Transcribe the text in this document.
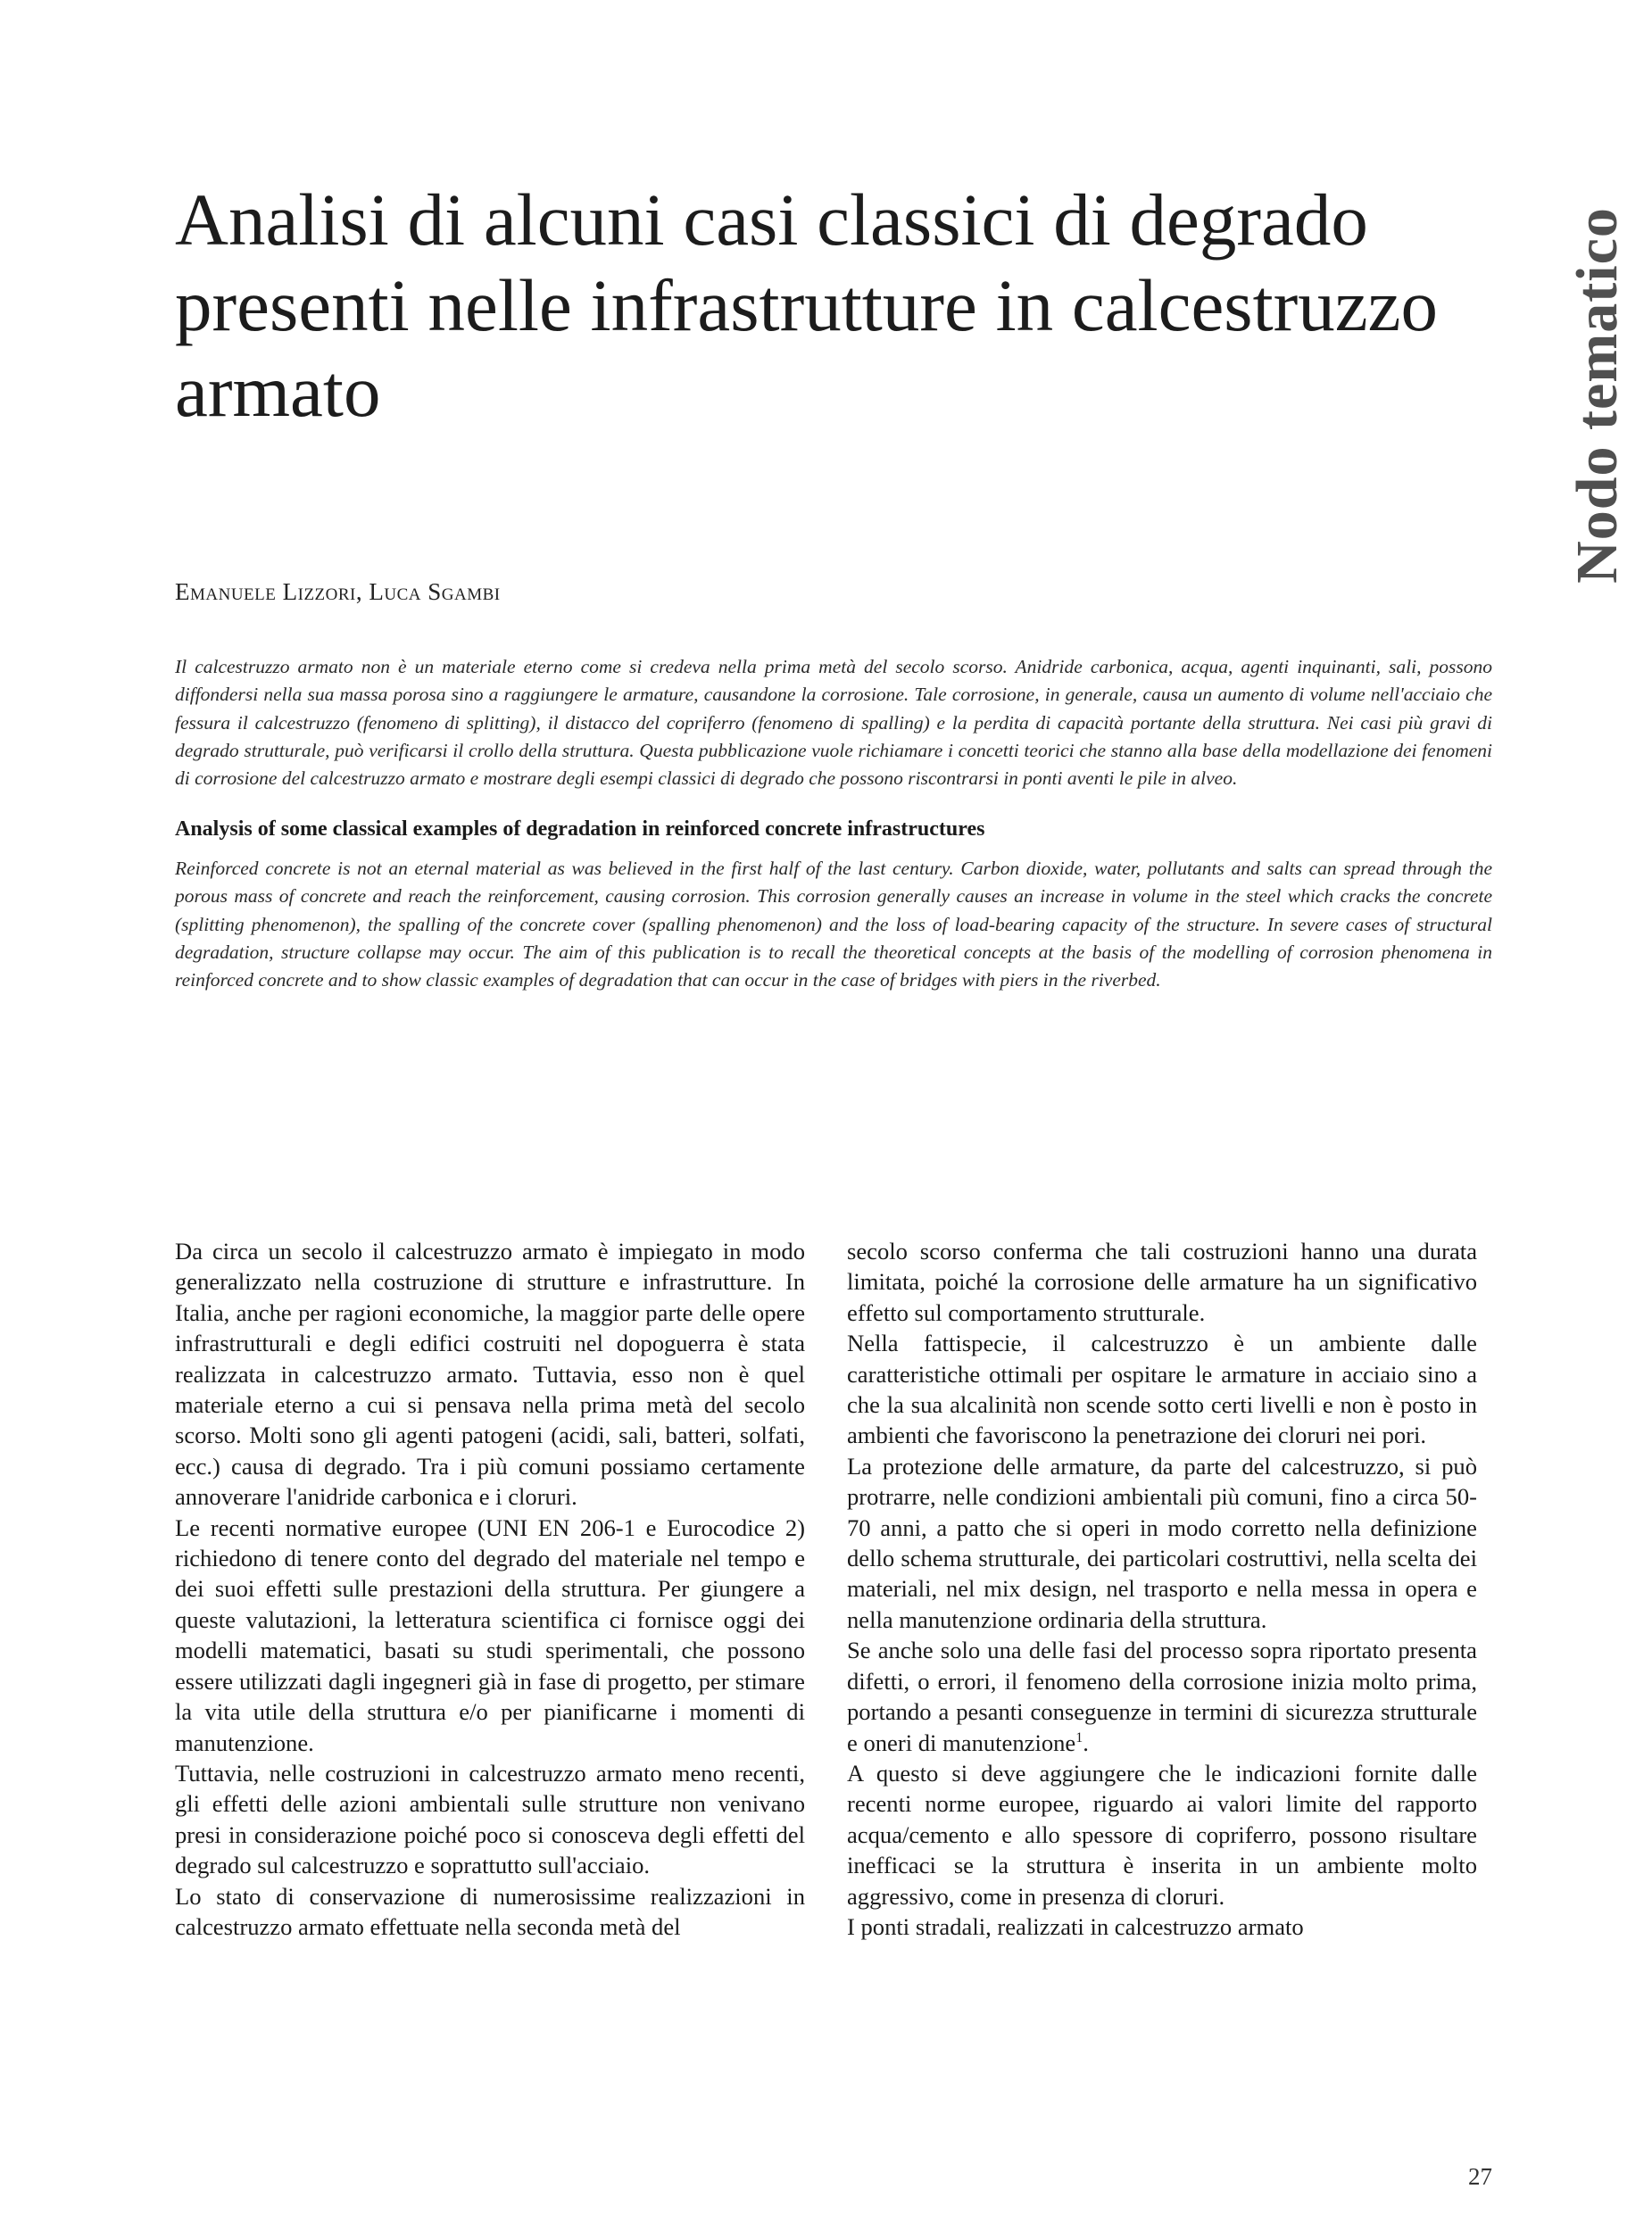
Analisi di alcuni casi classici di degrado presenti nelle infrastrutture in calcestruzzo armato	Nodo tematico
Emanuele Lizzori, Luca Sgambi

Il calcestruzzo armato non è un materiale eterno come si credeva nella prima metà del secolo scorso. Anidride carbonica, acqua, agenti inquinanti, sali, possono diffondersi nella sua massa porosa sino a raggiungere le armature, causandone la corrosione. Tale corrosione, in generale, causa un aumento di volume nell'acciaio che fessura il calcestruzzo (fenomeno di splitting), il distacco del copriferro (fenomeno di spalling) e la perdita di capacità portante della struttura. Nei casi più gravi di degrado strutturale, può verificarsi il crollo della struttura. Questa pubblicazione vuole richiamare i concetti teorici che stanno alla base della modellazione dei fenomeni di corrosione del calcestruzzo armato e mostrare degli esempi classici di degrado che possono riscontrarsi in ponti aventi le pile in alveo.

Analysis of some classical examples of degradation in reinforced concrete infrastructures

Reinforced concrete is not an eternal material as was believed in the first half of the last century. Carbon dioxide, water, pollutants and salts can spread through the porous mass of concrete and reach the reinforcement, causing corrosion. This corrosion generally causes an increase in volume in the steel which cracks the concrete (splitting phenomenon), the spalling of the concrete cover (spalling phenomenon) and the loss of load-bearing capacity of the structure. In severe cases of structural degradation, structure collapse may occur. The aim of this publication is to recall the theoretical concepts at the basis of the modelling of corrosion phenomena in reinforced concrete and to show classic examples of degradation that can occur in the case of bridges with piers in the riverbed.

Da circa un secolo il calcestruzzo armato è impiegato in modo generalizzato nella costruzione di strutture e infrastrutture. In Italia, anche per ragioni economiche, la maggior parte delle opere infrastrutturali e degli edifici costruiti nel dopoguerra è stata realizzata in calcestruzzo armato. Tuttavia, esso non è quel materiale eterno a cui si pensava nella prima metà del secolo scorso. Molti sono gli agenti patogeni (acidi, sali, batteri, solfati, ecc.) causa di degrado. Tra i più comuni possiamo certamente annoverare l'anidride carbonica e i cloruri.

Le recenti normative europee (UNI EN 206-1 e Eurocodice 2) richiedono di tenere conto del degrado del materiale nel tempo e dei suoi effetti sulle prestazioni della struttura. Per giungere a queste valutazioni, la letteratura scientifica ci fornisce oggi dei modelli matematici, basati su studi sperimentali, che possono essere utilizzati dagli ingegneri già in fase di progetto, per stimare la vita utile della struttura e/o per pianificarne i momenti di manutenzione.

Tuttavia, nelle costruzioni in calcestruzzo armato meno recenti, gli effetti delle azioni ambientali sulle strutture non venivano presi in considerazione poiché poco si conosceva degli effetti del degrado sul calcestruzzo e soprattutto sull'acciaio.

Lo stato di conservazione di numerosissime realizzazioni in calcestruzzo armato effettuate nella seconda metà del

secolo scorso conferma che tali costruzioni hanno una durata limitata, poiché la corrosione delle armature ha un significativo effetto sul comportamento strutturale.

Nella fattispecie, il calcestruzzo è un ambiente dalle caratteristiche ottimali per ospitare le armature in acciaio sino a che la sua alcalinità non scende sotto certi livelli e non è posto in ambienti che favoriscono la penetrazione dei cloruri nei pori.

La protezione delle armature, da parte del calcestruzzo, si può protrarre, nelle condizioni ambientali più comuni, fino a circa 50-70 anni, a patto che si operi in modo corretto nella definizione dello schema strutturale, dei particolari costruttivi, nella scelta dei materiali, nel mix design, nel trasporto e nella messa in opera e nella manutenzione ordinaria della struttura.

Se anche solo una delle fasi del processo sopra riportato presenta difetti, o errori, il fenomeno della corrosione inizia molto prima, portando a pesanti conseguenze in termini di sicurezza strutturale e oneri di manutenzione$^1$.

A questo si deve aggiungere che le indicazioni fornite dalle recenti norme europee, riguardo ai valori limite del rapporto acqua/cemento e allo spessore di copriferro, possono risultare inefficaci se la struttura è inserita in un ambiente molto aggressivo, come in presenza di cloruri.

I ponti stradali, realizzati in calcestruzzo armato

27
